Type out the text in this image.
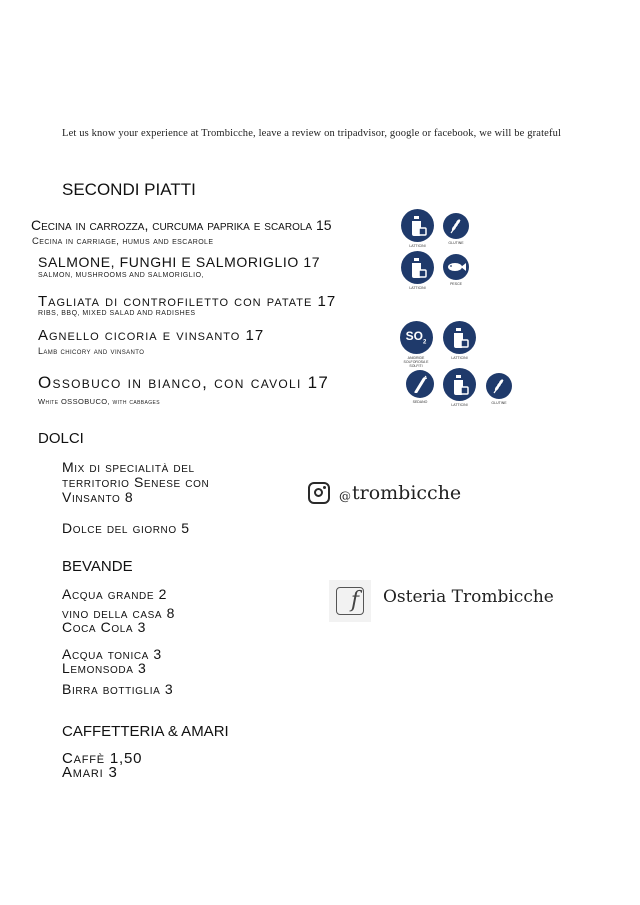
Let us know your experience at Trombicche, leave a review on tripadvisor, google or facebook, we will be grateful
SECONDI PIATTI
Cecina in carrozza, curcuma paprika e scarola 15
Cecina in carriage, humus and escarole
SALMONE, FUNGHI E SALMORIGLIO 17
SALMON, MUSHROOMS AND SALMORIGLIO,
Tagliata di controfiletto con patate 17
RIBS, BBQ, MIXED SALAD AND RADISHES
Agnello cicoria e vinsanto 17
Lamb chicory and vinsanto
Ossobuco in bianco, con cavoli 17
White OSSOBUCO, with cabbages
LATTICINI
GLUTINE
LATTICINI
PESCE
$SO_2$
ANIDRIDE SOLFOROSA E SOLFITI
LATTICINI
SEDANO
LATTICINI	GLUTINE
DOLCI
Mix di specialità del
territorio Senese con
Vinsanto 8
Dolce del giorno 5
BEVANDE
Acqua grande 2
vino della casa 8
Coca Cola 3
Acqua tonica 3
Lemonsoda 3
Birra bottiglia 3
CAFFETTERIA & AMARI
Caffè 1,50
Amari 3
@ trombicche
f Osteria Trombicche
